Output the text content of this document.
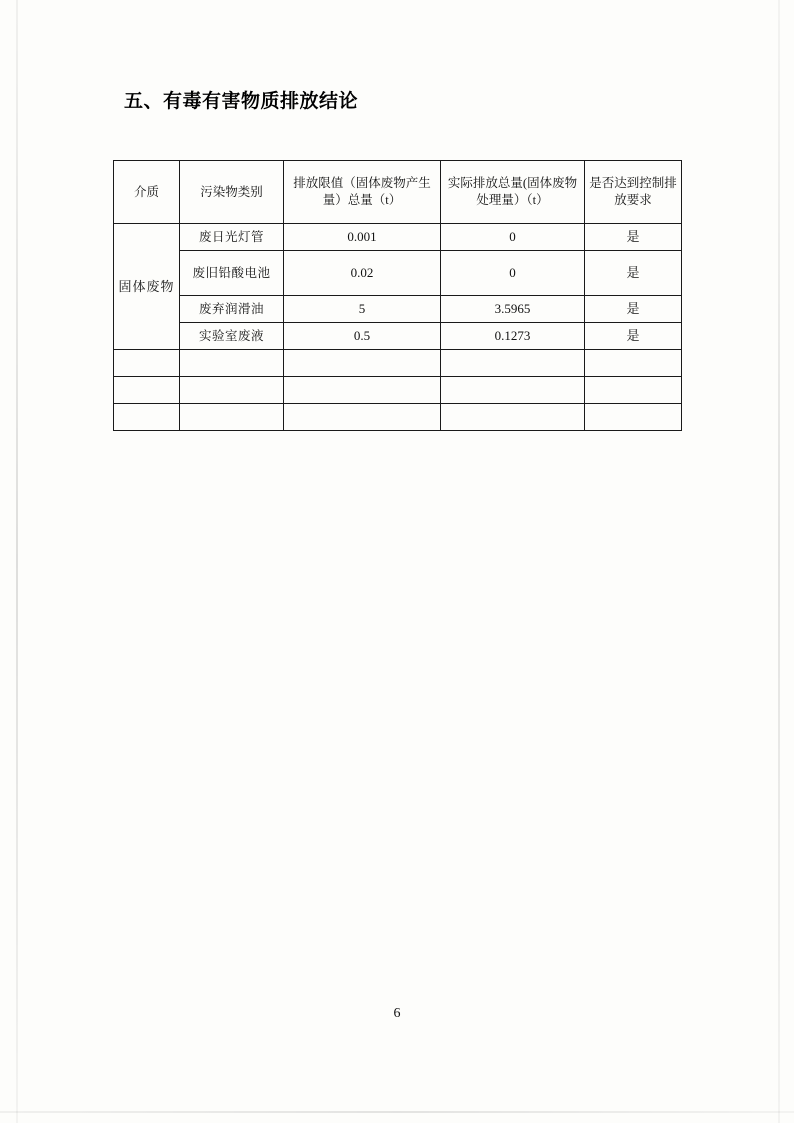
五、有毒有害物质排放结论
介质	污染物类别	排放限值（固体废物产生量）总量（t）	实际排放总量(固体废物处理量）（t）	是否达到控制排放要求
固体废物	废日光灯管	0.001	0	是
	废旧铅酸电池	0.02	0	是
	废弃润滑油	5	3.5965	是
	实验室废液	0.5	0.1273	是

6
